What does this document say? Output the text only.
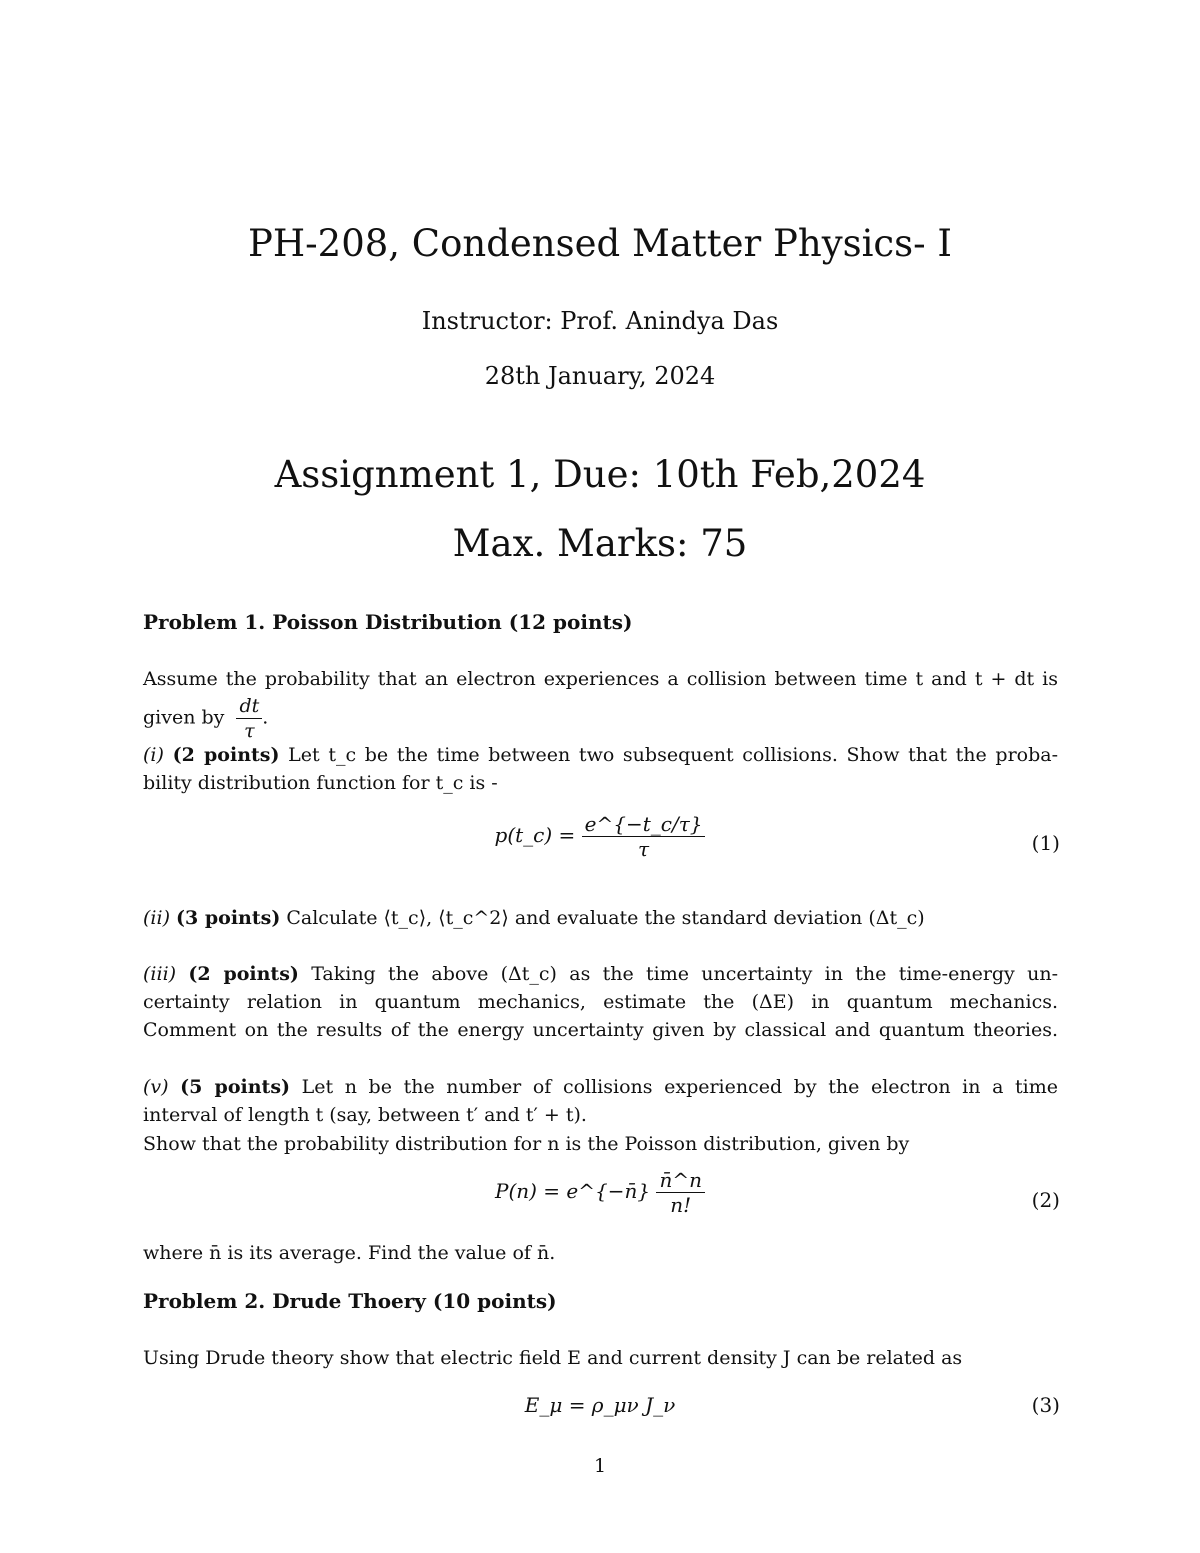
PH-208, Condensed Matter Physics- I
Instructor: Prof. Anindya Das
28th January, 2024
Assignment 1, Due: 10th Feb,2024
Max. Marks: 75
Problem 1. Poisson Distribution (12 points)
Assume the probability that an electron experiences a collision between time t and t + dt is
given by $\frac{dt}{\tau}$ .
(i) (2 points) Let t_c be the time between two subsequent collisions. Show that the proba-
bility distribution function for t_c is -
p(t_c) = $\frac{e\^{}\{-t\_c/\tau\}}{\tau}$	(1)
(ii) (3 points) Calculate ⟨t_c⟩, ⟨t_c^2⟩ and evaluate the standard deviation (Δt_c)
(iii) (2 points) Taking the above (Δt_c) as the time uncertainty in the time-energy un-
certainty relation in quantum mechanics, estimate the (ΔE) in quantum mechanics.
Comment on the results of the energy uncertainty given by classical and quantum theories.
(v) (5 points) Let n be the number of collisions experienced by the electron in a time
interval of length t (say, between t′ and t′ + t).
Show that the probability distribution for n is the Poisson distribution, given by
P(n) = e^{−n̄} $\frac{n̄\^{}n}{n!}$	(2)
where n̄ is its average. Find the value of n̄.
Problem 2. Drude Thoery (10 points)
Using Drude theory show that electric field E and current density J can be related as
E_μ = ρ_μν J_ν	(3)
1
